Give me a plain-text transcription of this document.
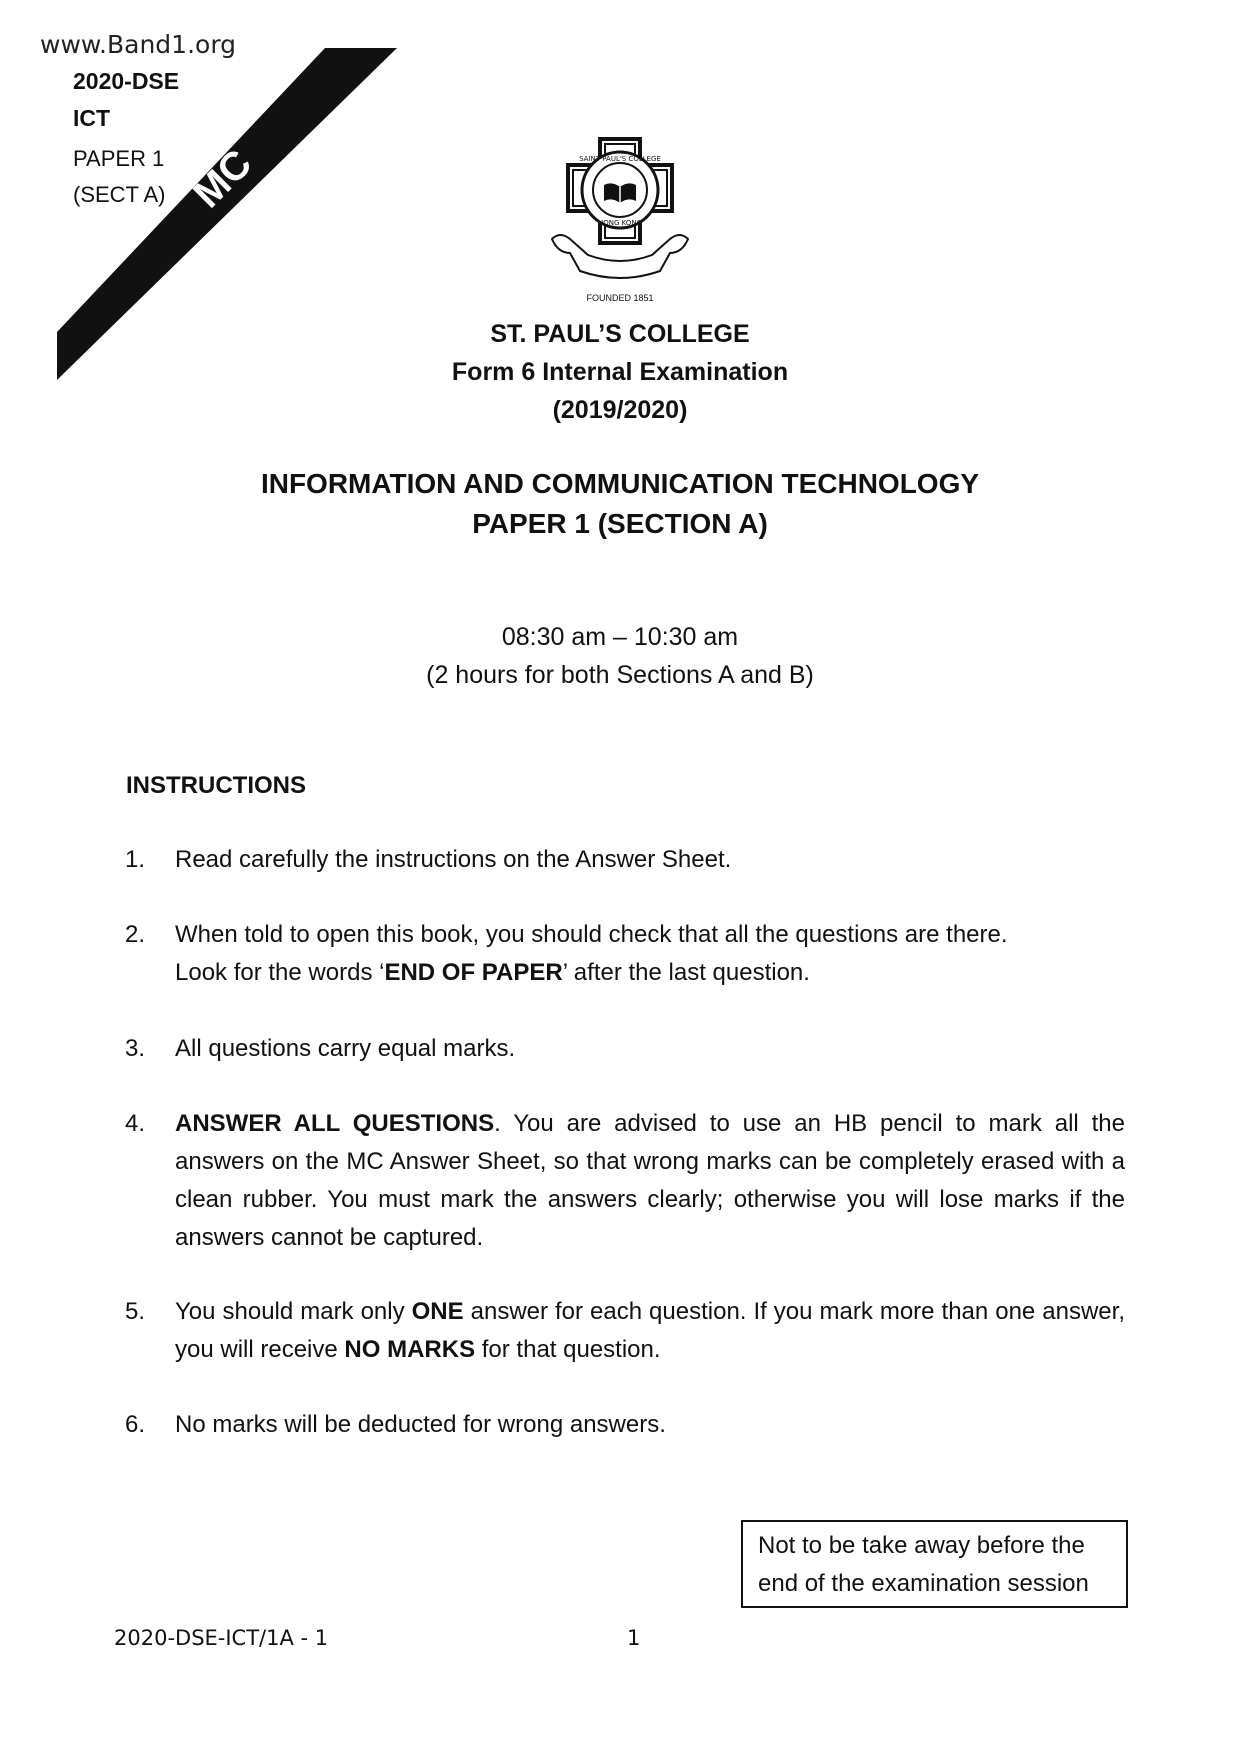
MC
www.Band1.org
2020-DSE
ICT
PAPER 1
(SECT A)
SAINT PAUL'S COLLEGE
HONG KONG
FOUNDED 1851
ST. PAUL’S COLLEGE
Form 6 Internal Examination
(2019/2020)
INFORMATION AND COMMUNICATION TECHNOLOGY
PAPER 1 (SECTION A)
08:30 am – 10:30 am
(2 hours for both Sections A and B)
INSTRUCTIONS
1. Read carefully the instructions on the Answer Sheet.
2. When told to open this book, you should check that all the questions are there.
Look for the words ‘END OF PAPER’ after the last question.
3. All questions carry equal marks.
4. ANSWER ALL QUESTIONS. You are advised to use an HB pencil to mark all the answers on the MC Answer Sheet, so that wrong marks can be completely erased with a clean rubber. You must mark the answers clearly; otherwise you will lose marks if the answers cannot be captured.
5. You should mark only ONE answer for each question. If you mark more than one answer, you will receive NO MARKS for that question.
6. No marks will be deducted for wrong answers.
Not to be take away before the
end of the examination session
2020-DSE-ICT/1A - 1	1
